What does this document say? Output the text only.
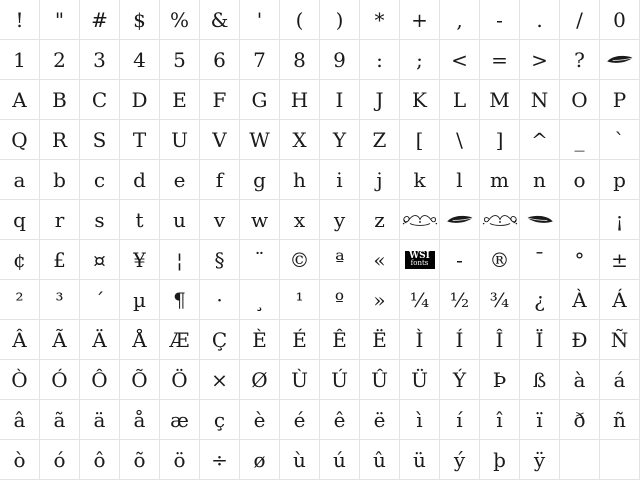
! " # $ % & ' ( ) * + , - . / 0
1 2 3 4 5 6 7 8 9 : ; < = > ?
A B C D E F G H I J K L M N O P
Q R S T U V W X Y Z [ \ ] ^ _ `
a b c d e f g h i j k l m n o p
q r s t u v w x y z	¡
¢ £ ¤ ¥ ¦ § ¨ © ª «	WSI
fonts - ® ¯ ° ±
² ³ ´ µ ¶ · ¸ ¹ º » ¼ ½ ¾ ¿ À Á
Â Ã Ä Å Æ Ç È É Ê Ë Ì Í Î Ï Ð Ñ
Ò Ó Ô Õ Ö × Ø Ù Ú Û Ü Ý Þ ß à á
â ã ä å æ ç è é ê ë ì í î ï ð ñ
ò ó ô õ ö ÷ ø ù ú û ü ý þ ÿ
